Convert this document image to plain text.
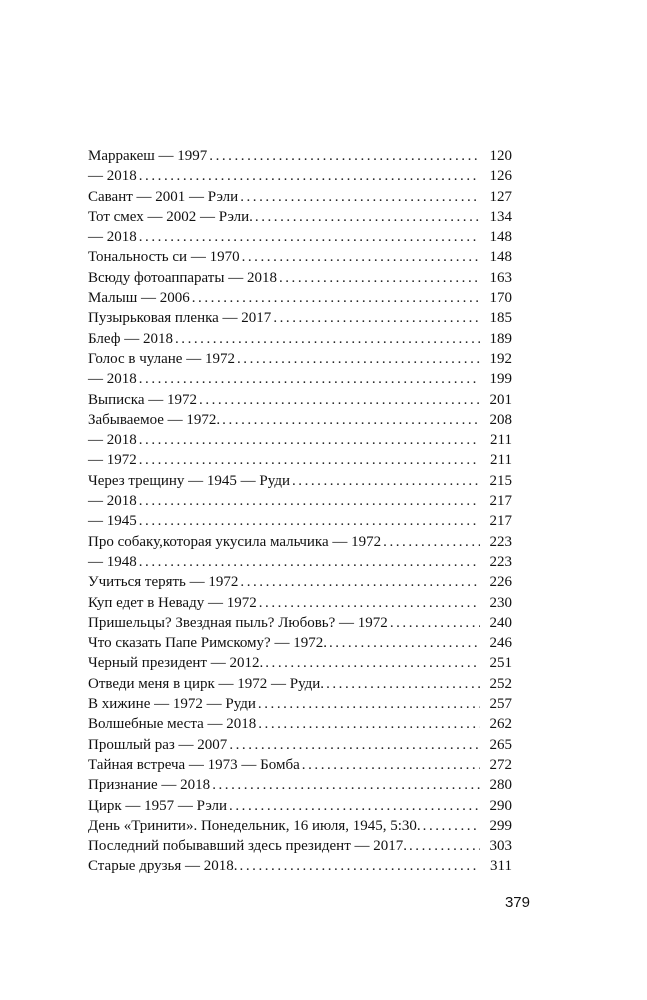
Марракеш — 1997 . . .	120
— 2018 . . .	126
Савант — 2001 — Рэли . . .	127
Тот смех — 2002 — Рэли. . . .	134
— 2018 . . .	148
Тональность си — 1970 . . .	148
Всюду фотоаппараты — 2018 . . .	163
Малыш — 2006 . . .	170
Пузырьковая пленка — 2017 . . .	185
Блеф — 2018 . . .	189
Голос в чулане — 1972 . . .	192
— 2018 . . .	199
Выписка — 1972 . . .	201
Забываемое — 1972. . . .	208
— 2018 . . .	211
— 1972 . . .	211
Через трещину — 1945 — Руди . . .	215
— 2018 . . .	217
— 1945 . . .	217
Про собаку,которая укусила мальчика — 1972 . . .	223
— 1948 . . .	223
Учиться терять — 1972 . . .	226
Куп едет в Неваду — 1972 . . .	230
Пришельцы? Звездная пыль? Любовь? — 1972 . . .	240
Что сказать Папе Римскому? — 1972. . . .	246
Черный президент — 2012. . . .	251
Отведи меня в цирк — 1972 — Руди. . . .	252
В хижине — 1972 — Руди . . .	257
Волшебные места — 2018 . . .	262
Прошлый раз — 2007 . . .	265
Тайная встреча — 1973 — Бомба . . .	272
Признание — 2018 . . .	280
Цирк — 1957 — Рэли . . .	290
День «Тринити». Понедельник, 16 июля, 1945, 5:30. . . .	299
Последний побывавший здесь президент — 2017. . . .	303
Старые друзья — 2018. . . .	311
379
